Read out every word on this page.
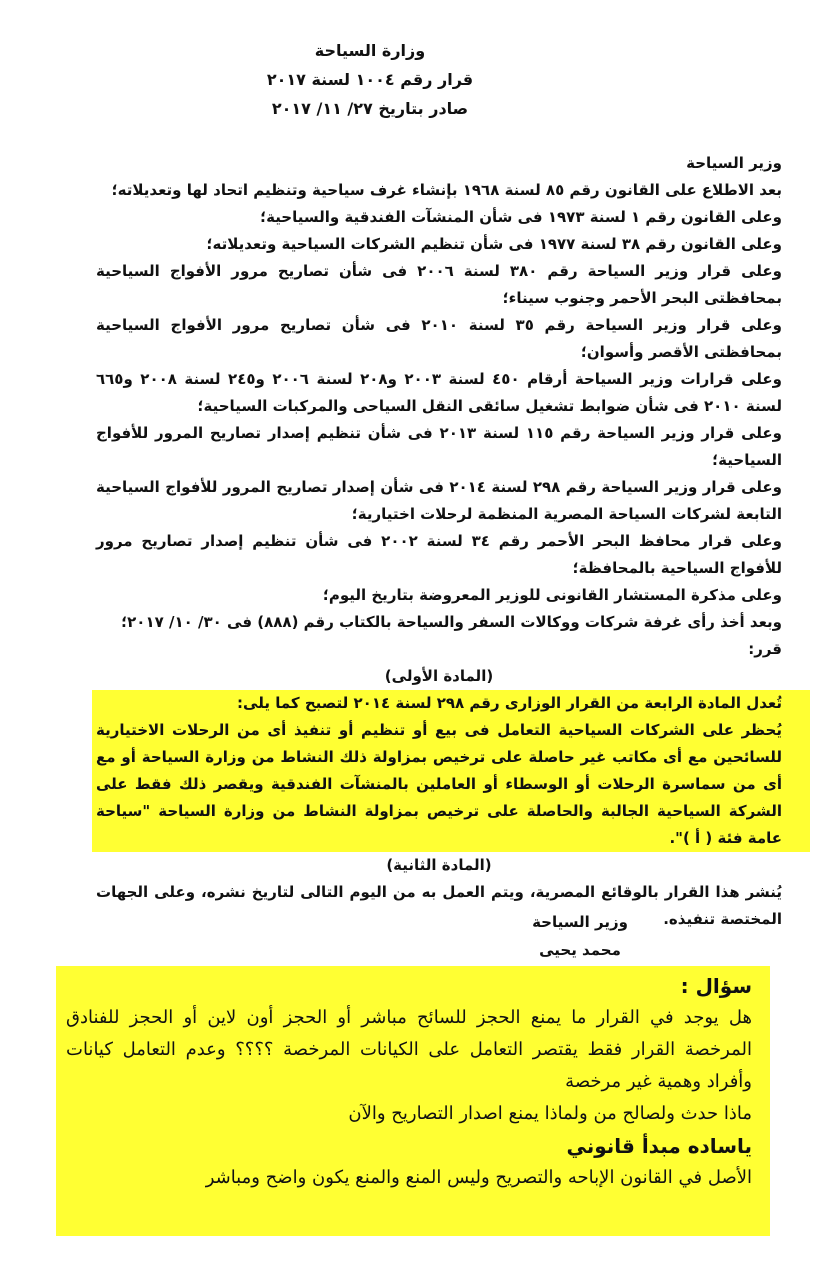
وزارة السياحة
قرار رقم ١٠٠٤ لسنة ٢٠١٧
صادر بتاريخ ٢٧/ ١١/ ٢٠١٧

وزير السياحة

بعد الاطلاع على القانون رقم ٨٥ لسنة ١٩٦٨ بإنشاء غرف سياحية وتنظيم اتحاد لها وتعديلاته؛

وعلى القانون رقم ١ لسنة ١٩٧٣ فى شأن المنشآت الفندقية والسياحية؛

وعلى القانون رقم ٣٨ لسنة ١٩٧٧ فى شأن تنظيم الشركات السياحية وتعديلاته؛

وعلى قرار وزير السياحة رقم ٣٨٠ لسنة ٢٠٠٦ فى شأن تصاريح مرور الأفواج السياحية بمحافظتى البحر الأحمر وجنوب سيناء؛

وعلى قرار وزير السياحة رقم ٣٥ لسنة ٢٠١٠ فى شأن تصاريح مرور الأفواج السياحية بمحافظتى الأقصر وأسوان؛

وعلى قرارات وزير السياحة أرقام ٤٥٠ لسنة ٢٠٠٣ و٢٠٨ لسنة ٢٠٠٦ و٢٤٥ لسنة ٢٠٠٨ و٦٦٥ لسنة ٢٠١٠ فى شأن ضوابط تشغيل سائقى النقل السياحى والمركبات السياحية؛

وعلى قرار وزير السياحة رقم ١١٥ لسنة ٢٠١٣ فى شأن تنظيم إصدار تصاريح المرور للأفواج السياحية؛

وعلى قرار وزير السياحة رقم ٢٩٨ لسنة ٢٠١٤ فى شأن إصدار تصاريح المرور للأفواج السياحية التابعة لشركات السياحة المصرية المنظمة لرحلات اختيارية؛

وعلى قرار محافظ البحر الأحمر رقم ٣٤ لسنة ٢٠٠٢ فى شأن تنظيم إصدار تصاريح مرور للأفواج السياحية بالمحافظة؛

وعلى مذكرة المستشار القانونى للوزير المعروضة بتاريخ اليوم؛

وبعد أخذ رأى غرفة شركات ووكالات السفر والسياحة بالكتاب رقم (٨٨٨) فى ٣٠/ ١٠/ ٢٠١٧؛

قرر:

(المادة الأولى)

تُعدل المادة الرابعة من القرار الوزارى رقم ٢٩٨ لسنة ٢٠١٤ لتصبح كما يلى:

يُحظر على الشركات السياحية التعامل فى بيع أو تنظيم أو تنفيذ أى من الرحلات الاختيارية للسائحين مع أى مكاتب غير حاصلة على ترخيص بمزاولة ذلك النشاط من وزارة السياحة أو مع أى من سماسرة الرحلات أو الوسطاء أو العاملين بالمنشآت الفندقية ويقصر ذلك فقط على الشركة السياحية الجالبة والحاصلة على ترخيص بمزاولة النشاط من وزارة السياحة "سياحة عامة فئة ( أ )".

(المادة الثانية)

يُنشر هذا القرار بالوقائع المصرية، ويتم العمل به من اليوم التالى لتاريخ نشره، وعلى الجهات المختصة تنفيذه.

وزير السياحة
محمد يحيى

سؤال :

هل يوجد في القرار ما يمنع الحجز للسائح مباشر أو الحجز أون لاين أو الحجز للفنادق المرخصة القرار فقط يقتصر التعامل على الكيانات المرخصة ؟؟؟؟ وعدم التعامل كيانات وأفراد وهمية غير مرخصة

ماذا حدث ولصالح من ولماذا يمنع اصدار التصاريح والآن

ياساده مبدأ قانوني

الأصل في القانون الإباحه والتصريح وليس المنع والمنع يكون واضح ومباشر
